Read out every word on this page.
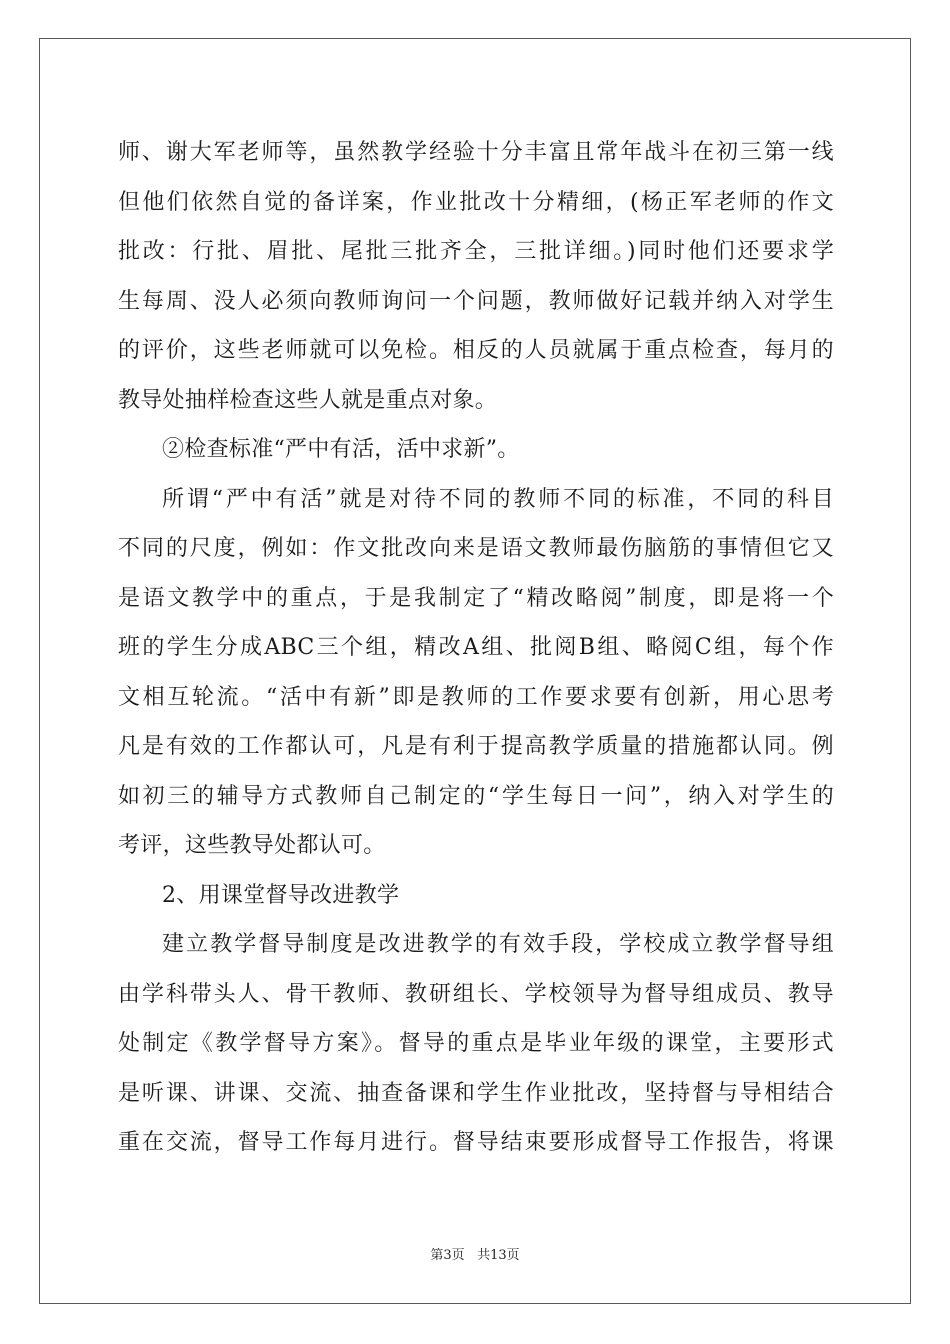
师、谢大军老师等，虽然教学经验十分丰富且常年战斗在初三第一线
但他们依然自觉的备详案，作业批改十分精细，(杨正军老师的作文
批改：行批、眉批、尾批三批齐全，三批详细。)同时他们还要求学
生每周、没人必须向教师询问一个问题，教师做好记载并纳入对学生
的评价，这些老师就可以免检。相反的人员就属于重点检查，每月的
教导处抽样检查这些人就是重点对象。
②检查标准“严中有活，活中求新”。
所谓“严中有活”就是对待不同的教师不同的标准，不同的科目
不同的尺度，例如：作文批改向来是语文教师最伤脑筋的事情但它又
是语文教学中的重点，于是我制定了“精改略阅”制度，即是将一个
班的学生分成ABC三个组，精改A组、批阅B组、略阅C组，每个作
文相互轮流。“活中有新”即是教师的工作要求要有创新，用心思考
凡是有效的工作都认可，凡是有利于提高教学质量的措施都认同。例
如初三的辅导方式教师自己制定的“学生每日一问”，纳入对学生的
考评，这些教导处都认可。
2、用课堂督导改进教学
建立教学督导制度是改进教学的有效手段，学校成立教学督导组
由学科带头人、骨干教师、教研组长、学校领导为督导组成员、教导
处制定《教学督导方案》。督导的重点是毕业年级的课堂，主要形式
是听课、讲课、交流、抽查备课和学生作业批改，坚持督与导相结合
重在交流，督导工作每月进行。督导结束要形成督导工作报告，将课
第3页 共13页
